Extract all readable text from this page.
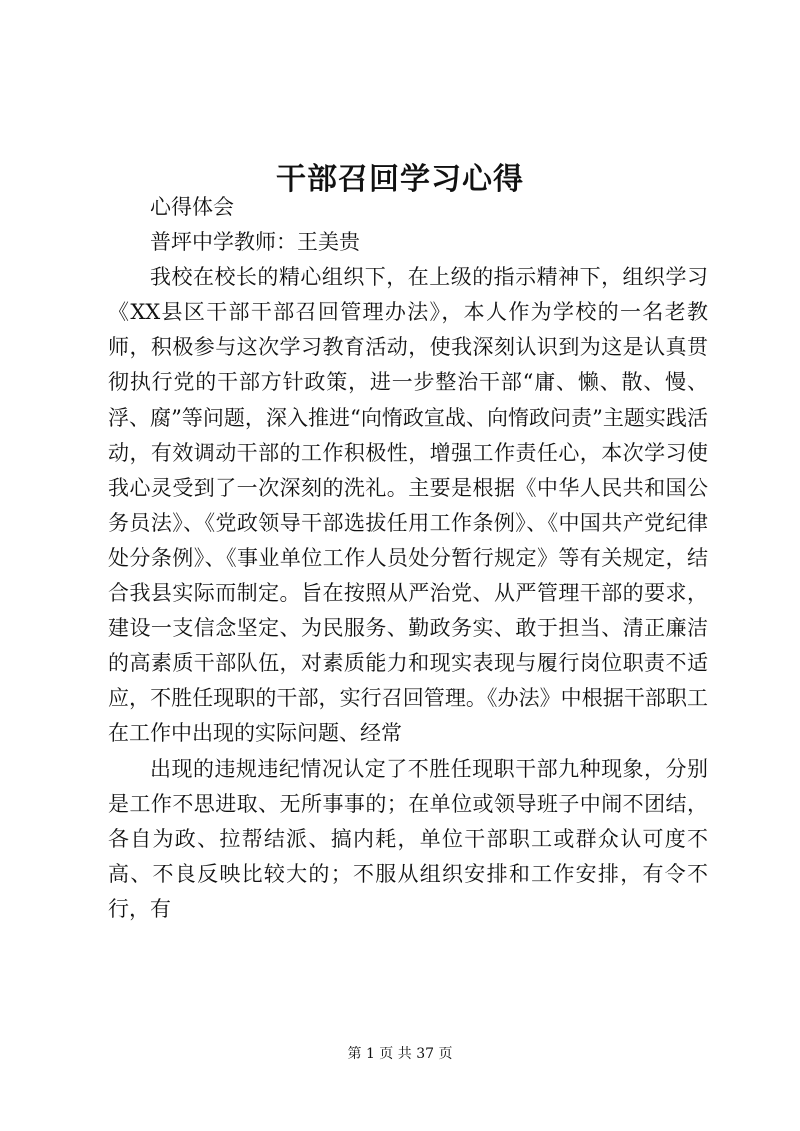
干部召回学习心得

心得体会

普坪中学教师：王美贵

我校在校长的精心组织下，在上级的指示精神下，组织学习《XX县区干部干部召回管理办法》，本人作为学校的一名老教师，积极参与这次学习教育活动，使我深刻认识到为这是认真贯彻执行党的干部方针政策，进一步整治干部“庸、懒、散、慢、浮、腐”等问题，深入推进“向惰政宣战、向惰政问责”主题实践活动，有效调动干部的工作积极性，增强工作责任心，本次学习使我心灵受到了一次深刻的洗礼。主要是根据《中华人民共和国公务员法》、《党政领导干部选拔任用工作条例》、《中国共产党纪律处分条例》、《事业单位工作人员处分暂行规定》等有关规定，结合我县实际而制定。旨在按照从严治党、从严管理干部的要求，建设一支信念坚定、为民服务、勤政务实、敢于担当、清正廉洁的高素质干部队伍，对素质能力和现实表现与履行岗位职责不适应，不胜任现职的干部，实行召回管理。《办法》中根据干部职工在工作中出现的实际问题、经常

出现的违规违纪情况认定了不胜任现职干部九种现象，分别是工作不思进取、无所事事的；在单位或领导班子中闹不团结，各自为政、拉帮结派、搞内耗，单位干部职工或群众认可度不高、不良反映比较大的；不服从组织安排和工作安排，有令不行，有

第 1 页 共 37 页
